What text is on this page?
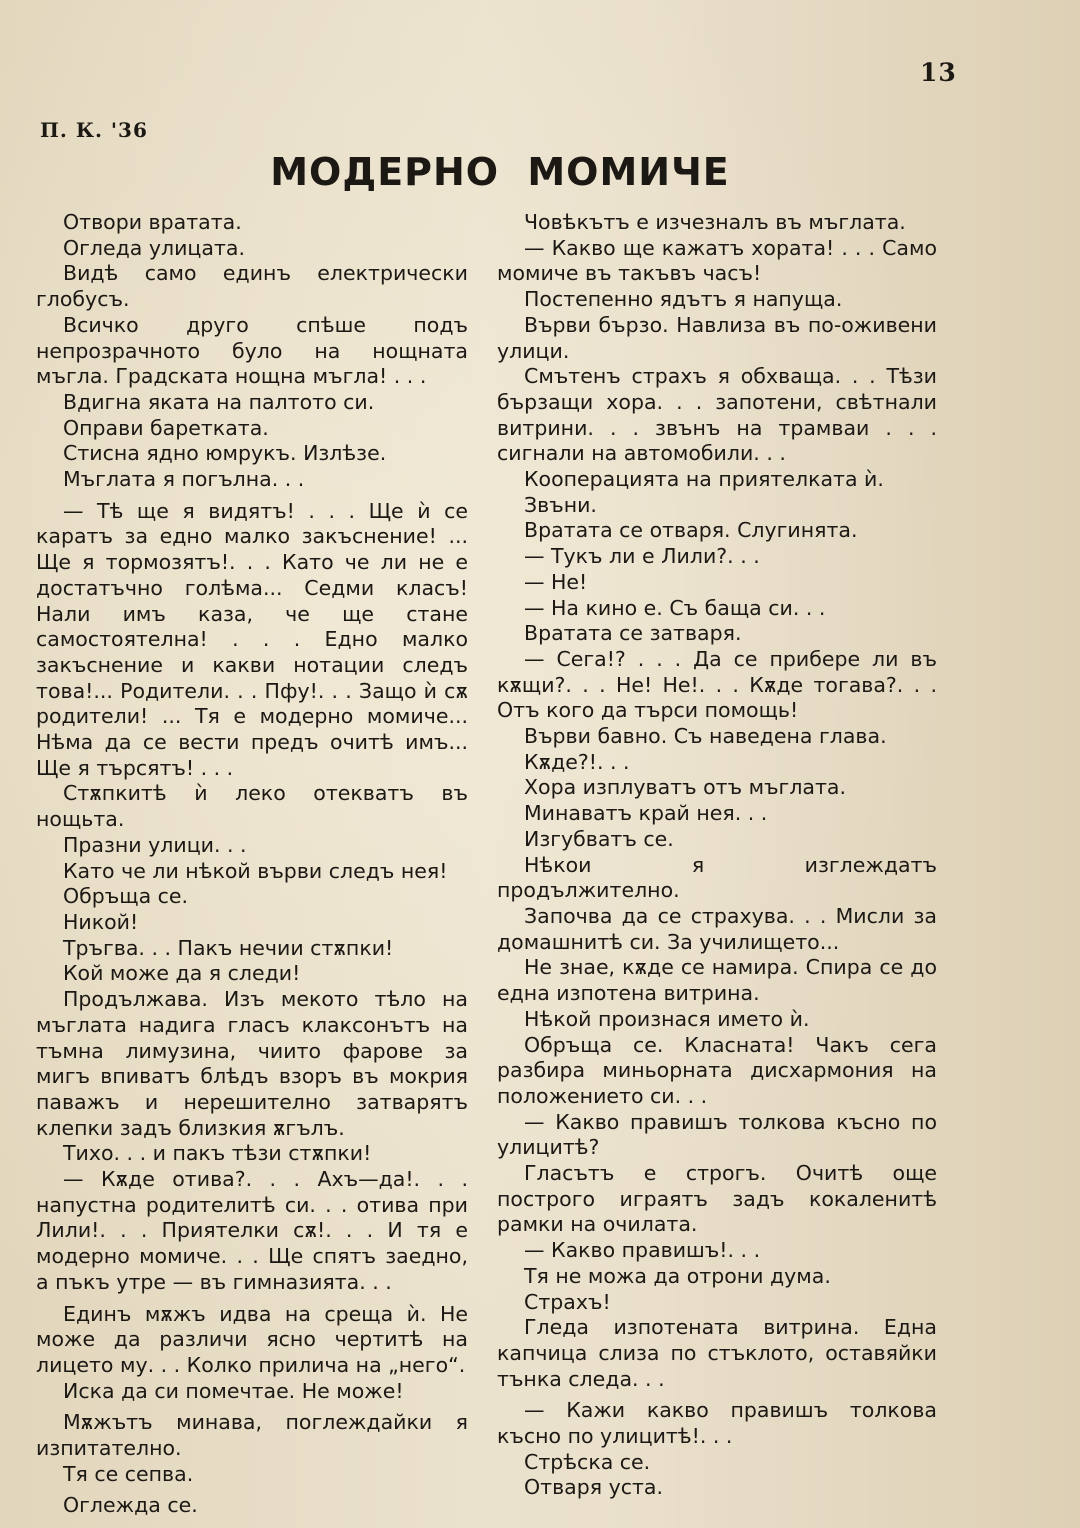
13
П. К. '36
МОДЕРНО МОМИЧЕ

Отвори вратата.

Огледа улицата.

Видѣ само единъ електрически глобусъ.

Всичко друго спѣше подъ непрозрачното було на нощната мъгла. Градската нощна мъгла! . . .

Вдигна яката на палтото си.

Оправи баретката.

Стисна ядно юмрукъ. Излѣзе.

Мъглата я погълна. . .

— Тѣ ще я видятъ! . . . Ще ѝ се каратъ за едно малко закъснение! ... Ще я тормозятъ!. . . Като че ли не е достатъчно голѣма... Седми класъ! Нали имъ каза, че ще стане самостоятелна! . . . Едно малко закъснение и какви нотации следъ това!... Родители. . . Пфу!. . . Защо ѝ сѫ родители! ... Тя е модерно момиче... Нѣма да се вести предъ очитѣ имъ... Ще я търсятъ! . . .

Стѫпкитѣ ѝ леко отекватъ въ нощьта.

Празни улици. . .

Като че ли нѣкой върви следъ нея!

Обръща се.

Никой!

Тръгва. . . Пакъ нечии стѫпки!

Кой може да я следи!

Продължава. Изъ мекото тѣло на мъглата надига гласъ клаксонътъ на тъмна лимузина, чиито фарове за мигъ впиватъ блѣдъ взоръ въ мокрия паважъ и нерешително затварятъ клепки задъ близкия ѫгълъ.

Тихо. . . и пакъ тѣзи стѫпки!

— Кѫде отива?. . . Ахъ—да!. . . напустна родителитѣ си. . . отива при Лили!. . . Приятелки сѫ!. . . И тя е модерно момиче. . . Ще спятъ заедно, а пъкъ утре — въ гимназията. . .

Единъ мѫжъ идва на среща ѝ. Не може да различи ясно чертитѣ на лицето му. . . Колко прилича на „него“.

Иска да си помечтае. Не може!

Мѫжътъ минава, поглеждайки я изпитателно.

Тя се сепва.

Оглежда се.

Човѣкътъ е изчезналъ въ мъглата.

— Какво ще кажатъ хората! . . . Само момиче въ такъвъ часъ!

Постепенно ядътъ я напуща.

Върви бързо. Навлиза въ по-оживени улици.

Смътенъ страхъ я обхваща. . . Тѣзи бързащи хора. . . запотени, свѣтнали витрини. . . звънъ на трамваи . . . сигнали на автомобили. . .

Кооперацията на приятелката ѝ.

Звъни.

Вратата се отваря. Слугинята.

— Тукъ ли е Лили?. . .

— Не!

— На кино е. Съ баща си. . .

Вратата се затваря.

— Сега!? . . . Да се прибере ли въ кѫщи?. . . Не! Не!. . . Кѫде тогава?. . . Отъ кого да търси помощь!

Върви бавно. Съ наведена глава.

Кѫде?!. . .

Хора изплуватъ отъ мъглата.

Минаватъ край нея. . .

Изгубватъ се.

Нѣкои я изглеждатъ продължително.

Започва да се страхува. . . Мисли за домашнитѣ си. За училището...

Не знае, кѫде се намира. Спира се до една изпотена витрина.

Нѣкой произнася името ѝ.

Обръща се. Класната! Чакъ сега разбира миньорната дисхармония на положението си. . .

— Какво правишъ толкова късно по улицитѣ?

Гласътъ е строгъ. Очитѣ още построго играятъ задъ кокаленитѣ рамки на очилата.

— Какво правишъ!. . .

Тя не можа да отрони дума.

Страхъ!

Гледа изпотената витрина. Една капчица слиза по стъклото, оставяйки тънка следа. . .

— Кажи какво правишъ толкова късно по улицитѣ!. . .

Стрѣска се.

Отваря уста.
